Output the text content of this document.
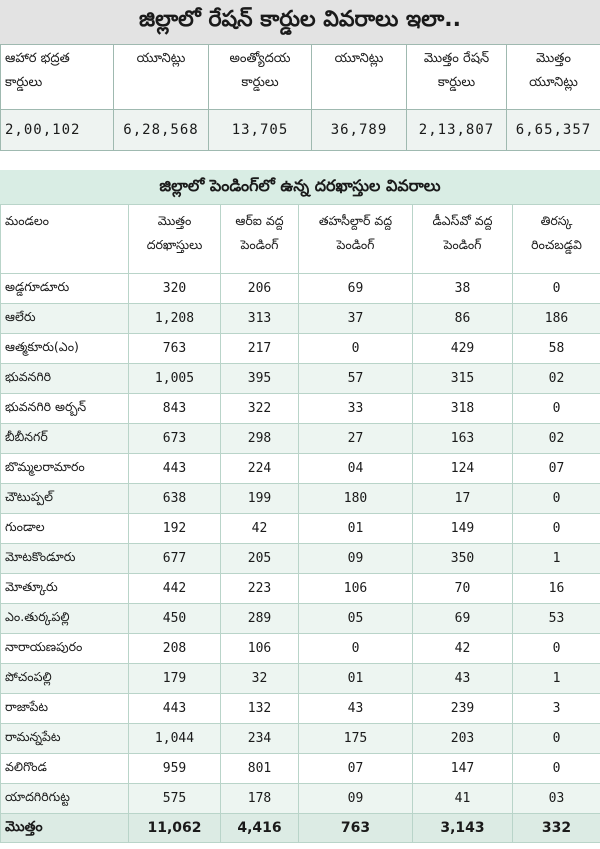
జిల్లాలో రేషన్ కార్డుల వివరాలు ఇలా..
ఆహార భద్రత కార్డులు	యూనిట్లు	అంత్యోదయ కార్డులు	యూనిట్లు	మొత్తం రేషన్ కార్డులు	మొత్తం యూనిట్లు
2,00,102	6,28,568	13,705	36,789	2,13,807	6,65,357
జిల్లాలో పెండింగ్‌లో ఉన్న దరఖాస్తుల వివరాలు
మండలం	మొత్తం దరఖాస్తులు	ఆర్ఐ వద్ద పెండింగ్	తహసీల్దార్ వద్ద పెండింగ్	డీఎస్‌వో వద్ద పెండింగ్	తిరస్క రించబడ్డవి
అడ్డగూడూరు	320	206	69	38	0
ఆలేరు	1,208	313	37	86	186
ఆత్మకూరు(ఎం)	763	217	0	429	58
భువనగిరి	1,005	395	57	315	02
భువనగిరి అర్బన్	843	322	33	318	0
బీబీనగర్	673	298	27	163	02
బొమ్మలరామారం	443	224	04	124	07
చౌటుప్పల్	638	199	180	17	0
గుండాల	192	42	01	149	0
మోటకొండూరు	677	205	09	350	1
మోత్కూరు	442	223	106	70	16
ఎం.తుర్కపల్లి	450	289	05	69	53
నారాయణపురం	208	106	0	42	0
పోచంపల్లి	179	32	01	43	1
రాజాపేట	443	132	43	239	3
రామన్నపేట	1,044	234	175	203	0
వలిగొండ	959	801	07	147	0
యాదగిరిగుట్ట	575	178	09	41	03
మొత్తం	11,062	4,416	763	3,143	332
